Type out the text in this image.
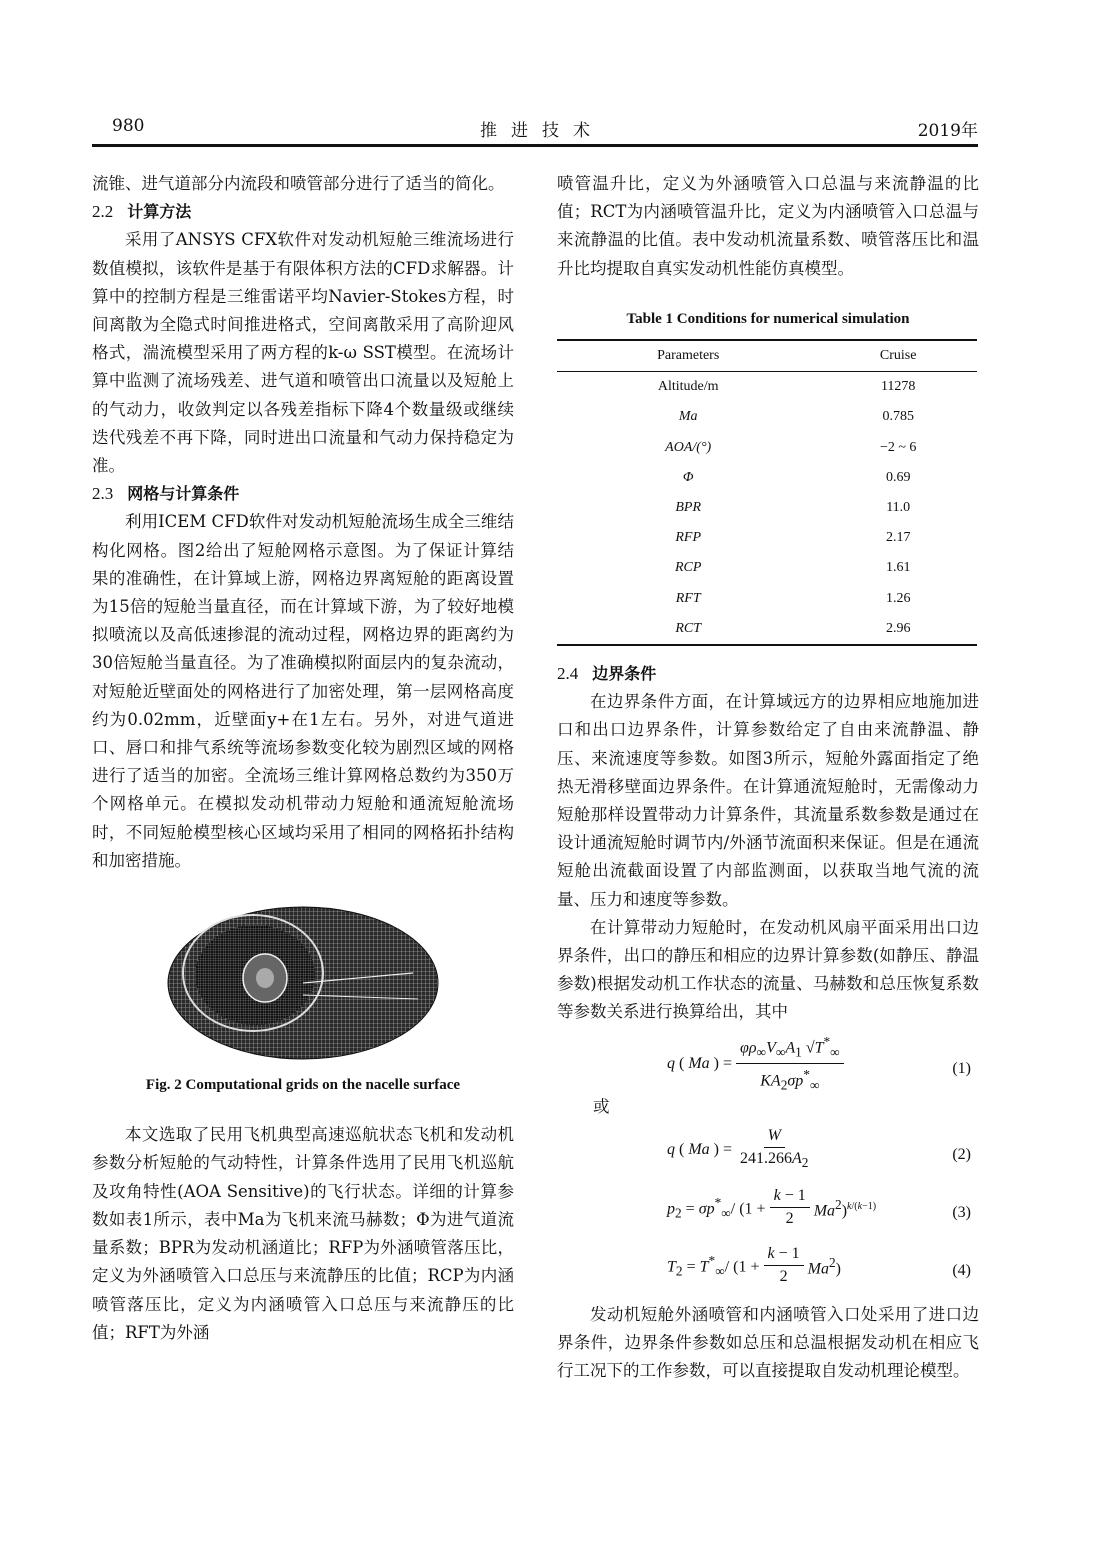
980	推进技术	2019年

流锥、进气道部分内流段和喷管部分进行了适当的简化。

2.2 计算方法

采用了ANSYS CFX软件对发动机短舱三维流场进行数值模拟，该软件是基于有限体积方法的CFD求解器。计算中的控制方程是三维雷诺平均Navier-Stokes方程，时间离散为全隐式时间推进格式，空间离散采用了高阶迎风格式，湍流模型采用了两方程的k-ω SST模型。在流场计算中监测了流场残差、进气道和喷管出口流量以及短舱上的气动力，收敛判定以各残差指标下降4个数量级或继续迭代残差不再下降，同时进出口流量和气动力保持稳定为准。

2.3 网格与计算条件

利用ICEM CFD软件对发动机短舱流场生成全三维结构化网格。图2给出了短舱网格示意图。为了保证计算结果的准确性，在计算域上游，网格边界离短舱的距离设置为15倍的短舱当量直径，而在计算域下游，为了较好地模拟喷流以及高低速掺混的流动过程，网格边界的距离约为30倍短舱当量直径。为了准确模拟附面层内的复杂流动，对短舱近壁面处的网格进行了加密处理，第一层网格高度约为0.02mm，近壁面y+在1左右。另外，对进气道进口、唇口和排气系统等流场参数变化较为剧烈区域的网格进行了适当的加密。全流场三维计算网格总数约为350万个网格单元。在模拟发动机带动力短舱和通流短舱流场时，不同短舱模型核心区域均采用了相同的网格拓扑结构和加密措施。

Fig. 2 Computational grids on the nacelle surface

本文选取了民用飞机典型高速巡航状态飞机和发动机参数分析短舱的气动特性，计算条件选用了民用飞机巡航及攻角特性(AOA Sensitive)的飞行状态。详细的计算参数如表1所示，表中Ma为飞机来流马赫数；Φ为进气道流量系数；BPR为发动机涵道比；RFP为外涵喷管落压比，定义为外涵喷管入口总压与来流静压的比值；RCP为内涵喷管落压比，定义为内涵喷管入口总压与来流静压的比值；RFT为外涵

喷管温升比，定义为外涵喷管入口总温与来流静温的比值；RCT为内涵喷管温升比，定义为内涵喷管入口总温与来流静温的比值。表中发动机流量系数、喷管落压比和温升比均提取自真实发动机性能仿真模型。

Table 1 Conditions for numerical simulation
Parameters	Cruise
Altitude/m	11278
Ma	0.785
AOA/(°)	−2 ~ 6
Φ	0.69
BPR	11.0
RFP	2.17
RCP	1.61
RFT	1.26
RCT	2.96
2.4 边界条件

在边界条件方面，在计算域远方的边界相应地施加进口和出口边界条件，计算参数给定了自由来流静温、静压、来流速度等参数。如图3所示，短舱外露面指定了绝热无滑移壁面边界条件。在计算通流短舱时，无需像动力短舱那样设置带动力计算条件，其流量系数参数是通过在设计通流短舱时调节内/外涵节流面积来保证。但是在通流短舱出流截面设置了内部监测面，以获取当地气流的流量、压力和速度等参数。

在计算带动力短舱时，在发动机风扇平面采用出口边界条件，出口的静压和相应的边界计算参数(如静压、静温参数)根据发动机工作状态的流量、马赫数和总压恢复系数等参数关系进行换算给出，其中

q ( Ma ) = $\frac{\varphi\rho_\infty V_\infty A_1 √T^*_\infty}{KA_2\sigma p^*_\infty}$	(1)

或

q ( Ma ) = $\frac{W}{241.266A_2}$	(2)
$p_2 = \sigma p^*_\infty/$ $(1 + \frac{k - 1}{2} Ma^2)^{k/(k-1)}$	(3)
$T_2 = T^*_\infty/$ $(1 + \frac{k - 1}{2} Ma^2)$	(4)

发动机短舱外涵喷管和内涵喷管入口处采用了进口边界条件，边界条件参数如总压和总温根据发动机在相应飞行工况下的工作参数，可以直接提取自发动机理论模型。
